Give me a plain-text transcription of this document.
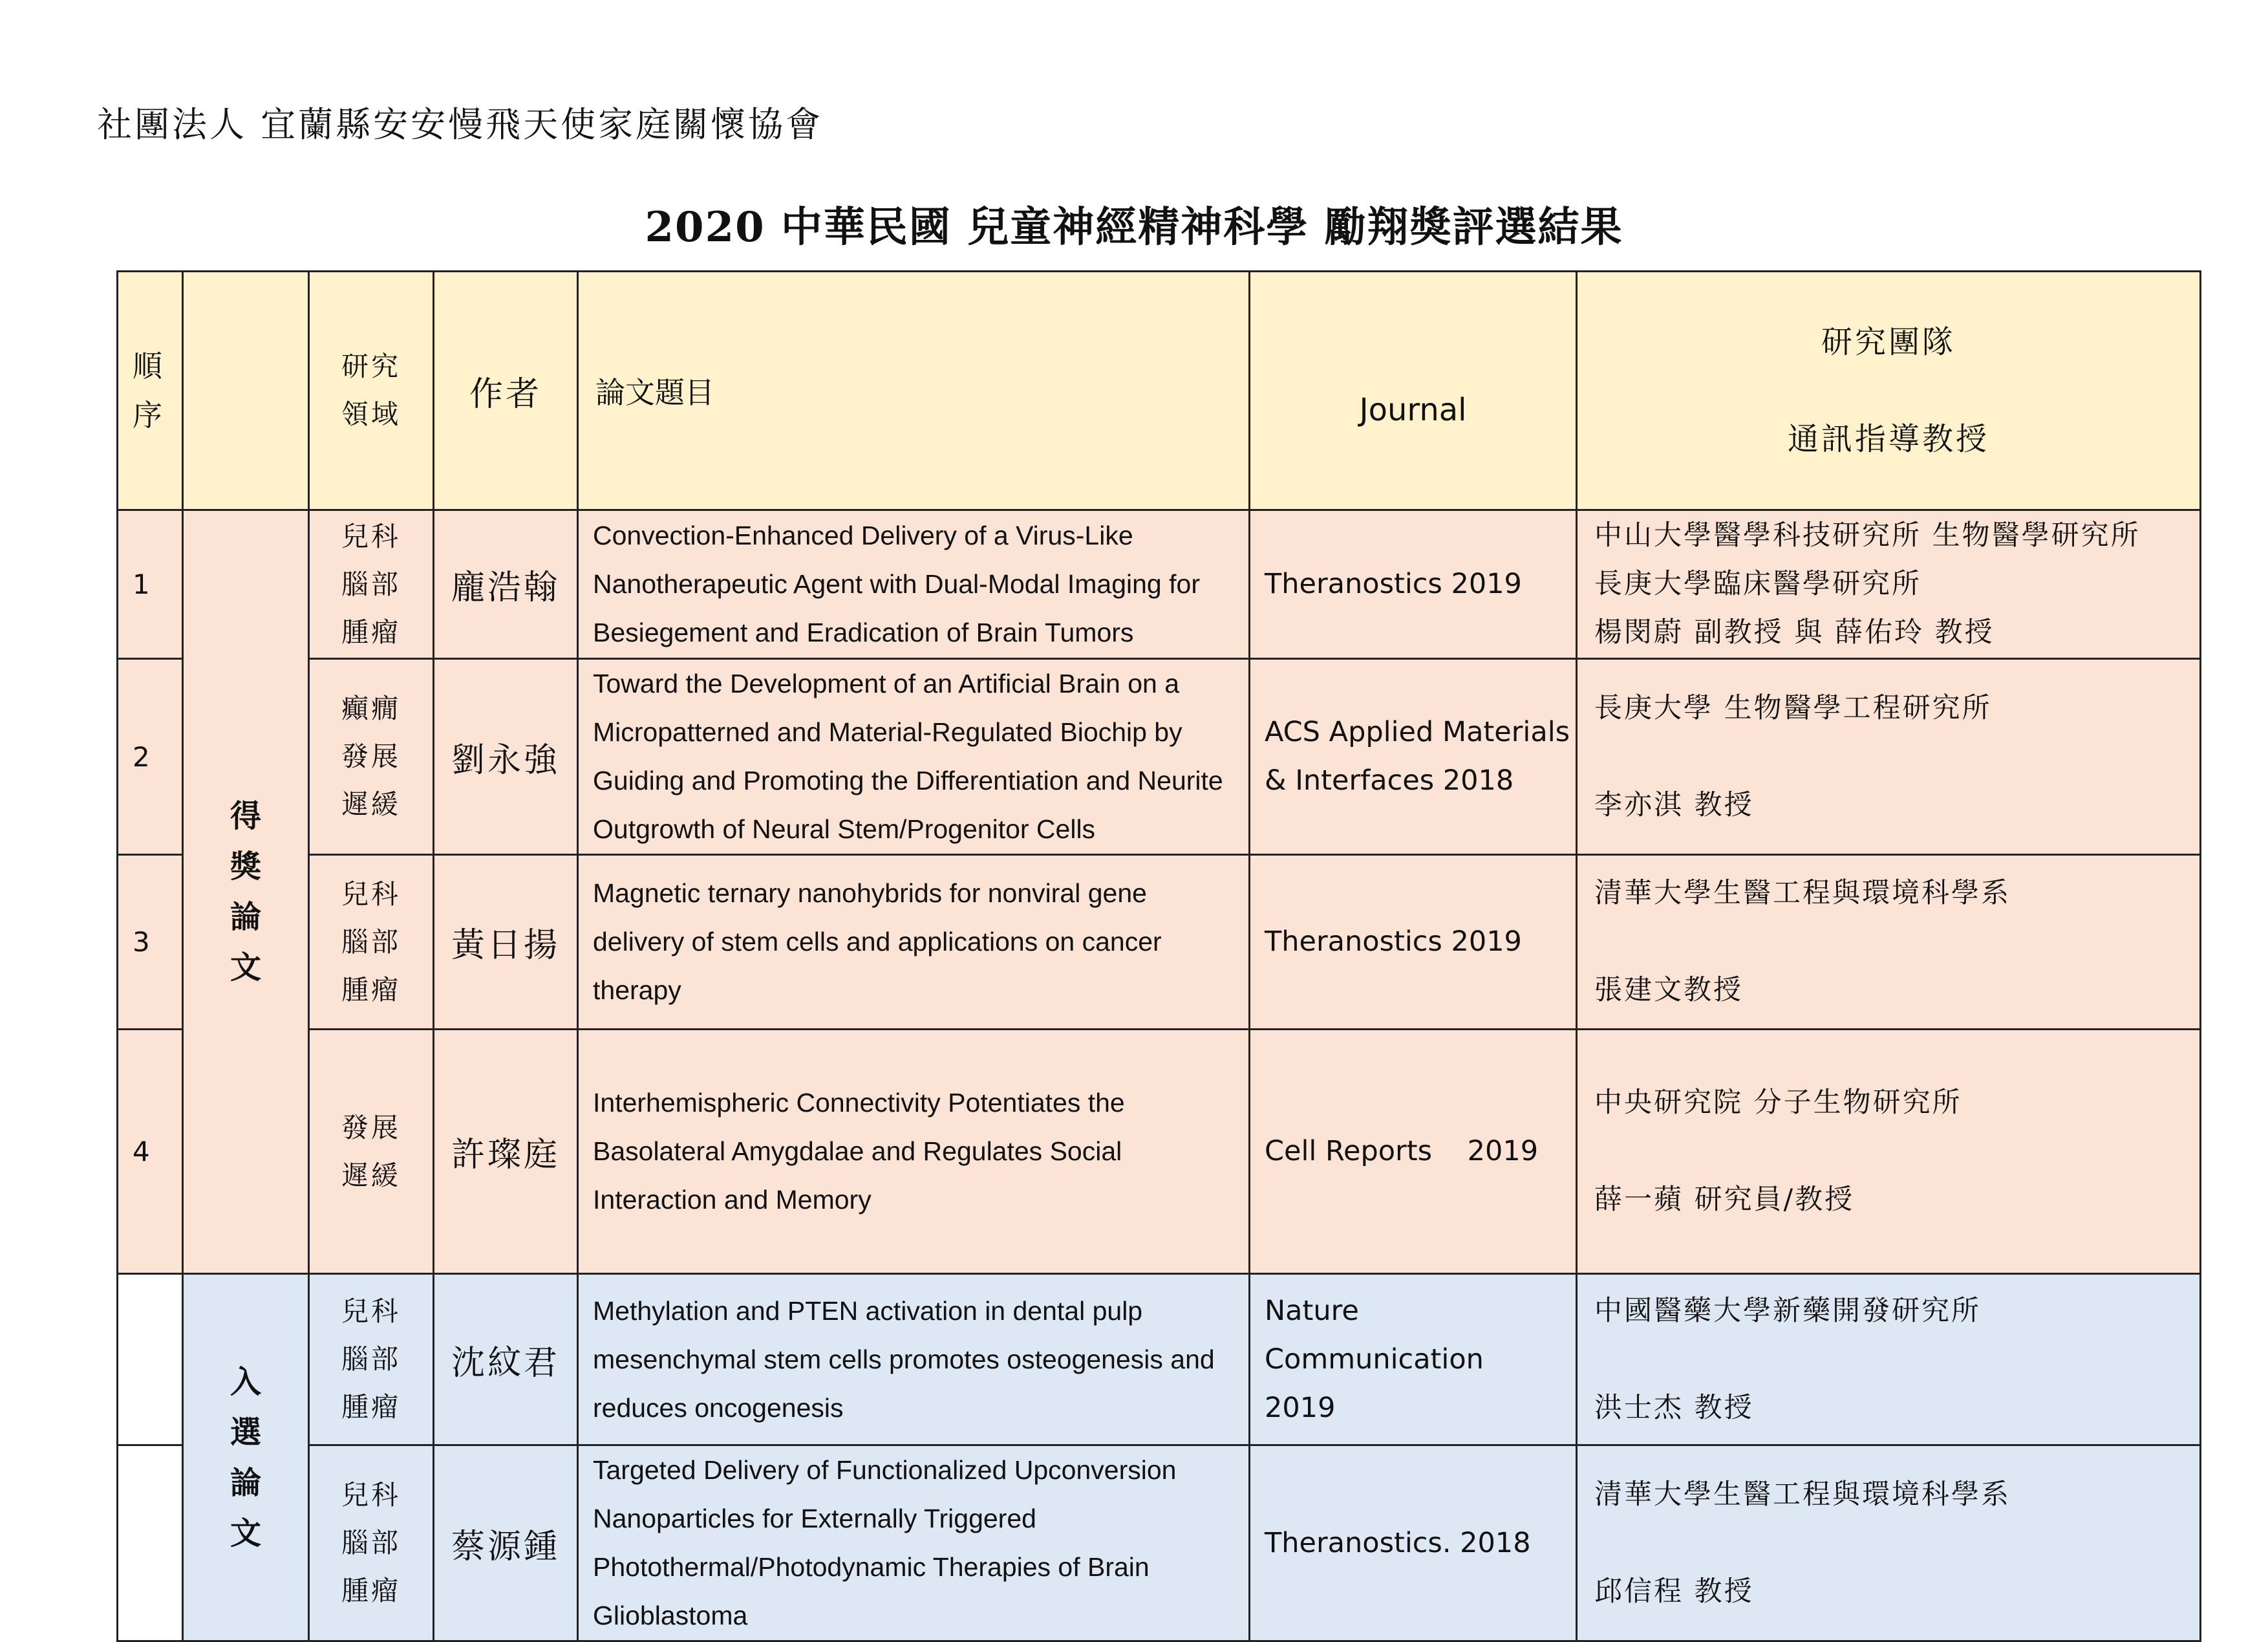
社團法人 宜蘭縣安安慢飛天使家庭關懷協會
2020 中華民國 兒童神經精神科學 勵翔獎評選結果
順
序		研究
領域	作者	論文題目	Journal	研究團隊
通訊指導教授

1	得
獎
論
文	兒科
腦部
腫瘤	龐浩翰	Convection-Enhanced Delivery of a Virus-Like
Nanotherapeutic Agent with Dual-Modal Imaging for
Besiegement and Eradication of Brain Tumors	Theranostics 2019	中山大學醫學科技研究所 生物醫學研究所
長庚大學臨床醫學研究所
楊閔蔚 副教授 與 薛佑玲 教授

2		癲癇
發展
遲緩	劉永強	Toward the Development of an Artificial Brain on a
Micropatterned and Material-Regulated Biochip by
Guiding and Promoting the Differentiation and Neurite
Outgrowth of Neural Stem/Progenitor Cells	ACS Applied Materials
& Interfaces 2018	長庚大學 生物醫學工程研究所
李亦淇 教授

3		兒科
腦部
腫瘤	黃日揚	Magnetic ternary nanohybrids for nonviral gene
delivery of stem cells and applications on cancer
therapy	Theranostics 2019	清華大學生醫工程與環境科學系
張建文教授

4		發展
遲緩	許璨庭	Interhemispheric Connectivity Potentiates the
Basolateral Amygdalae and Regulates Social
Interaction and Memory	Cell Reports    2019	中央研究院 分子生物研究所
薛一蘋 研究員/教授

	入
選
論
文	兒科
腦部
腫瘤	沈紋君	Methylation and PTEN activation in dental pulp
mesenchymal stem cells promotes osteogenesis and
reduces oncogenesis	Nature
Communication
2019	中國醫藥大學新藥開發研究所
洪士杰 教授

		兒科
腦部
腫瘤	蔡源鍾	Targeted Delivery of Functionalized Upconversion
Nanoparticles for Externally Triggered
Photothermal/Photodynamic Therapies of Brain
Glioblastoma	Theranostics. 2018	清華大學生醫工程與環境科學系
邱信程 教授
